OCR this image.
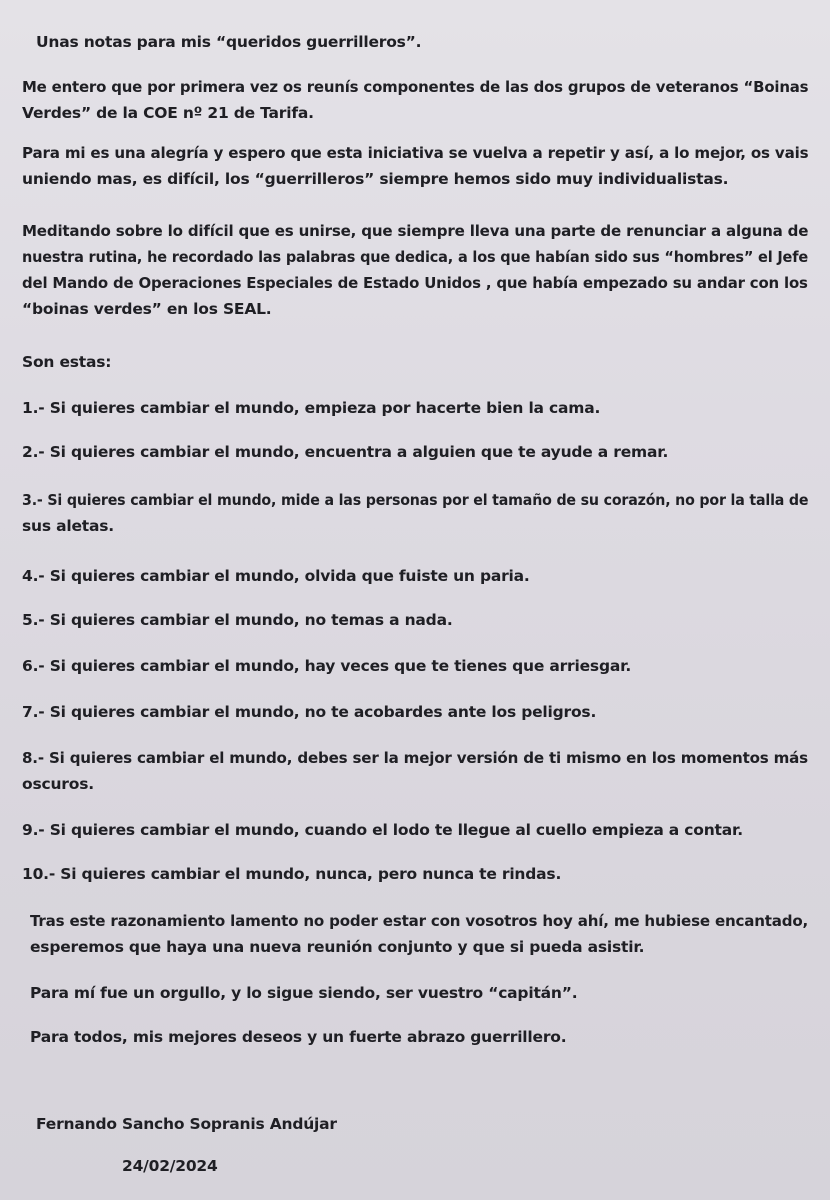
Unas notas para mis “queridos guerrilleros”.
Me entero que por primera vez os reunís componentes de las dos grupos de veteranos “Boinas
Verdes” de la COE nº 21 de Tarifa.
Para mi es una alegría y espero que esta iniciativa se vuelva a repetir y así, a lo mejor, os vais
uniendo mas, es difícil, los “guerrilleros” siempre hemos sido muy individualistas.
Meditando sobre lo difícil que es unirse, que siempre lleva una parte de renunciar a alguna de
nuestra rutina, he recordado las palabras que dedica, a los que habían sido sus “hombres” el Jefe
del Mando de Operaciones Especiales de Estado Unidos , que había empezado su andar con los
“boinas verdes” en los SEAL.
Son estas:
1.- Si quieres cambiar el mundo, empieza por hacerte bien la cama.
2.- Si quieres cambiar el mundo, encuentra a alguien que te ayude a remar.
3.- Si quieres cambiar el mundo, mide a las personas por el tamaño de su corazón, no por la talla de
sus aletas.
4.- Si quieres cambiar el mundo, olvida que fuiste un paria.
5.- Si quieres cambiar el mundo, no temas a nada.
6.- Si quieres cambiar el mundo, hay veces que te tienes que arriesgar.
7.- Si quieres cambiar el mundo, no te acobardes ante los peligros.
8.- Si quieres cambiar el mundo, debes ser la mejor versión de ti mismo en los momentos más
oscuros.
9.- Si quieres cambiar el mundo, cuando el lodo te llegue al cuello empieza a contar.
10.- Si quieres cambiar el mundo, nunca, pero nunca te rindas.
Tras este razonamiento lamento no poder estar con vosotros hoy ahí, me hubiese encantado,
esperemos que haya una nueva reunión conjunto y que si pueda asistir.
Para mí fue un orgullo, y lo sigue siendo, ser vuestro “capitán”.
Para todos, mis mejores deseos y un fuerte abrazo guerrillero.
Fernando Sancho Sopranis Andújar
24/02/2024
